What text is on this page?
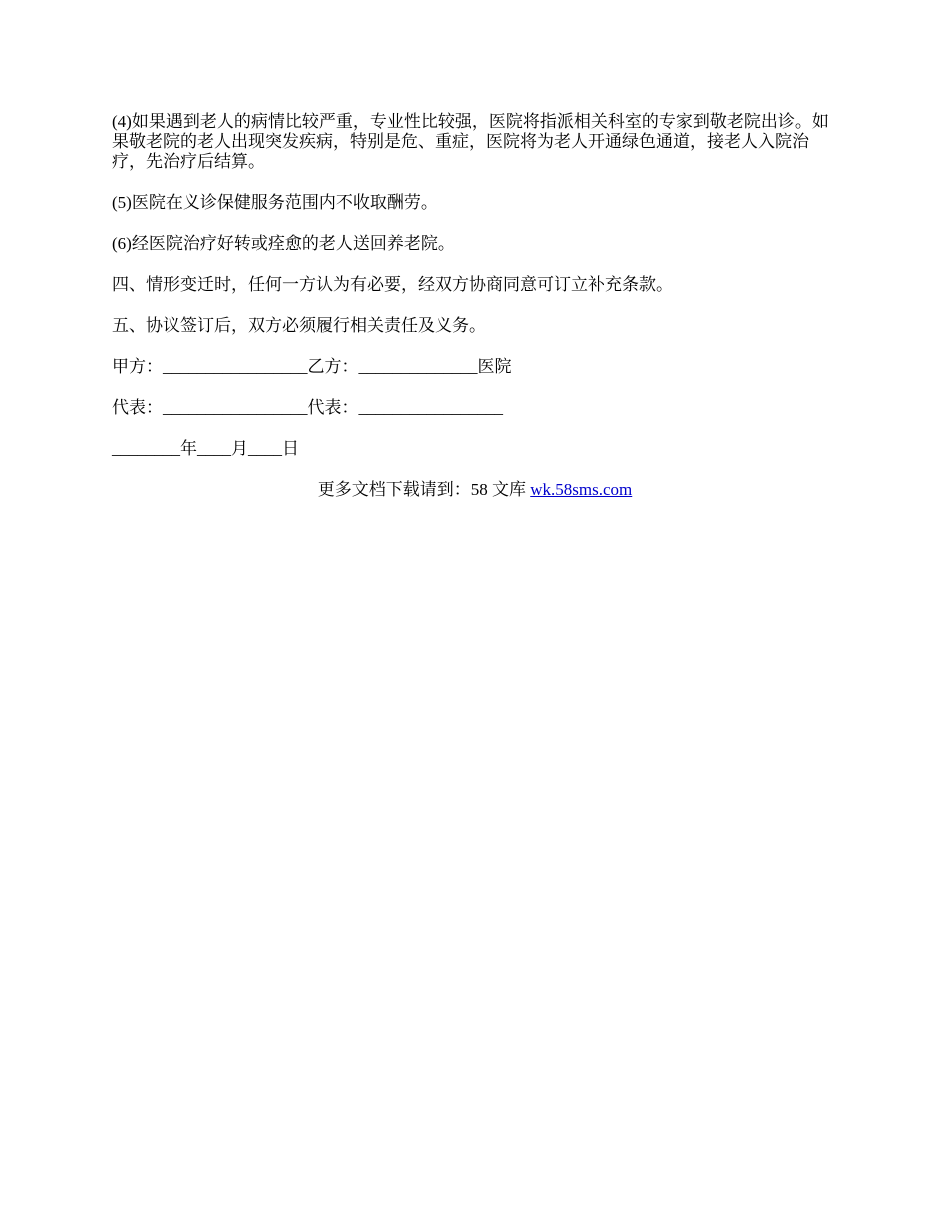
(4)如果遇到老人的病情比较严重，专业性比较强，医院将指派相关科室的专家到敬老院出诊。如果敬老院的老人出现突发疾病，特别是危、重症，医院将为老人开通绿色通道，接老人入院治疗，先治疗后结算。

(5)医院在义诊保健服务范围内不收取酬劳。

(6)经医院治疗好转或痊愈的老人送回养老院。

四、情形变迁时，任何一方认为有必要，经双方协商同意可订立补充条款。

五、协议签订后，双方必须履行相关责任及义务。

甲方：_________________乙方：______________医院
代表：_________________代表：_________________
________年____月____日
更多文档下载请到：58 文库 wk.58sms.com
